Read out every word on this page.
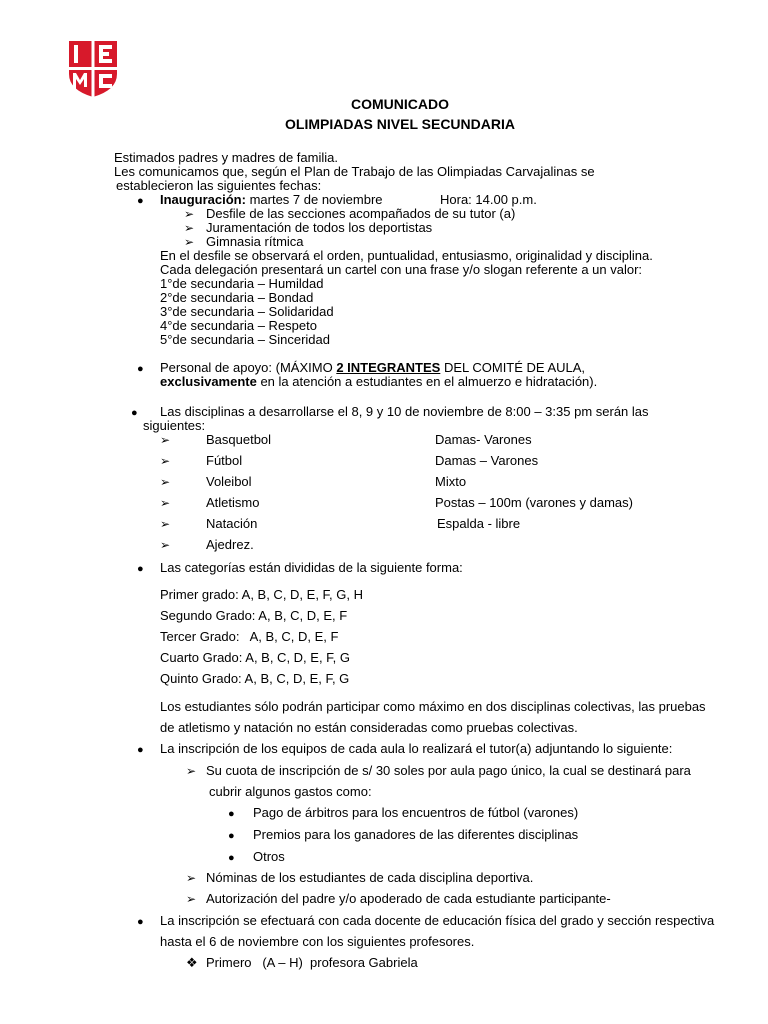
COMUNICADO
OLIMPIADAS NIVEL SECUNDARIA
Estimados padres y madres de familia.
Les comunicamos que, según el Plan de Trabajo de las Olimpiadas Carvajalinas se
establecieron las siguientes fechas:
● Inauguración: martes 7 de noviembre	Hora: 14.00 p.m.
➢ Desfile de las secciones acompañados de su tutor (a)
➢ Juramentación de todos los deportistas
➢ Gimnasia rítmica
En el desfile se observará el orden, puntualidad, entusiasmo, originalidad y disciplina.
Cada delegación presentará un cartel con una frase y/o slogan referente a un valor:
1°de secundaria – Humildad
2°de secundaria – Bondad
3°de secundaria – Solidaridad
4°de secundaria – Respeto
5°de secundaria – Sinceridad
● Personal de apoyo: (MÁXIMO 2 INTEGRANTES DEL COMITÉ DE AULA,
exclusivamente en la atención a estudiantes en el almuerzo e hidratación).
● Las disciplinas a desarrollarse el 8, 9 y 10 de noviembre de 8:00 – 3:35 pm serán las
siguientes:
➢	Basquetbol	Damas- Varones
➢	Fútbol	Damas – Varones
➢	Voleibol	Mixto
➢	Atletismo	Postas – 100m (varones y damas)
➢	Natación	Espalda - libre
➢	Ajedrez.
● Las categorías están divididas de la siguiente forma:
Primer grado: A, B, C, D, E, F, G, H
Segundo Grado: A, B, C, D, E, F
Tercer Grado:   A, B, C, D, E, F
Cuarto Grado: A, B, C, D, E, F, G
Quinto Grado: A, B, C, D, E, F, G
Los estudiantes sólo podrán participar como máximo en dos disciplinas colectivas, las pruebas
de atletismo y natación no están consideradas como pruebas colectivas.
● La inscripción de los equipos de cada aula lo realizará el tutor(a) adjuntando lo siguiente:
➢ Su cuota de inscripción de s/ 30 soles por aula pago único, la cual se destinará para
cubrir algunos gastos como:
● Pago de árbitros para los encuentros de fútbol (varones)
● Premios para los ganadores de las diferentes disciplinas
● Otros
➢ Nóminas de los estudiantes de cada disciplina deportiva.
➢ Autorización del padre y/o apoderado de cada estudiante participante-
● La inscripción se efectuará con cada docente de educación física del grado y sección respectiva
hasta el 6 de noviembre con los siguientes profesores.
❖ Primero   (A – H)  profesora Gabriela
